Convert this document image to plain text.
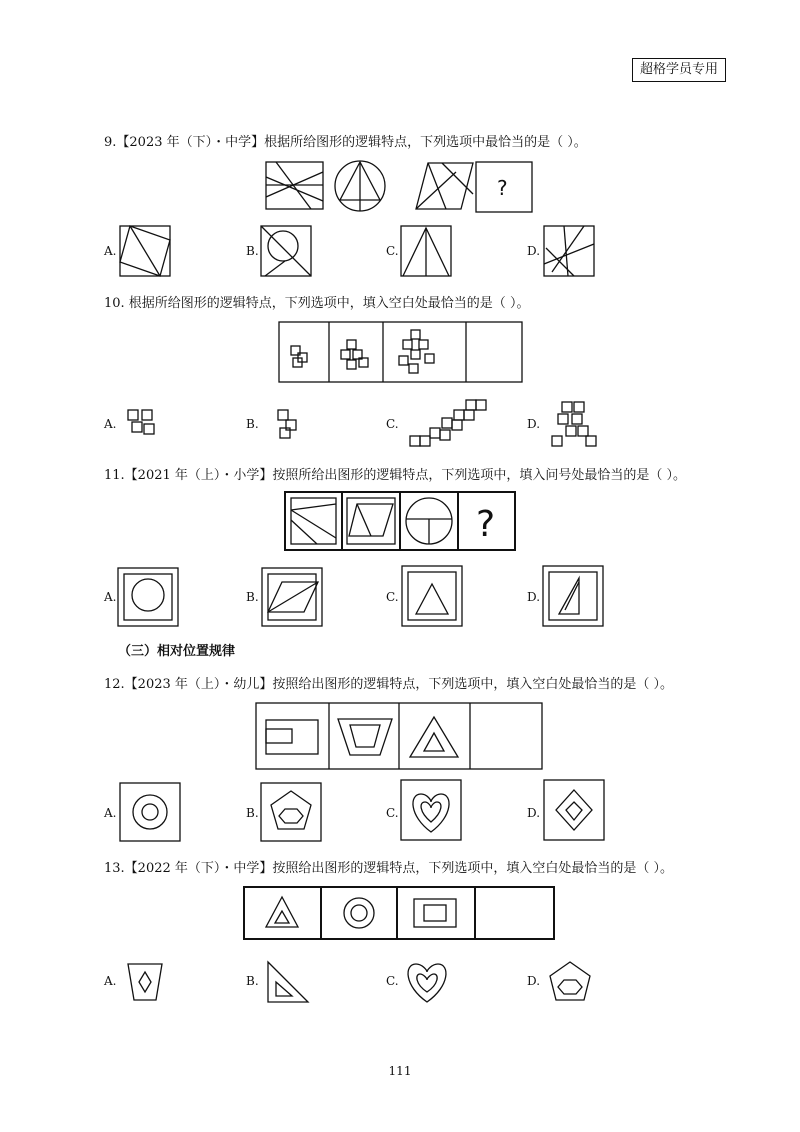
超格学员专用
9.【2023 年（下）・中学】根据所给图形的逻辑特点，下列选项中最恰当的是（ ）。
?
A.	B.	C.	D.
10. 根据所给图形的逻辑特点，下列选项中，填入空白处最恰当的是（ ）。
A.	B.	C.	D.
11.【2021 年（上）・小学】按照所给出图形的逻辑特点，下列选项中，填入问号处最恰当的是（ ）。
?
A.	B.	C.	D.
（三）相对位置规律
12.【2023 年（上）・幼儿】按照给出图形的逻辑特点，下列选项中，填入空白处最恰当的是（ ）。
A.	B.	C.	D.
13.【2022 年（下）・中学】按照给出图形的逻辑特点，下列选项中，填入空白处最恰当的是（ ）。
A.	B.	C.	D.
111
